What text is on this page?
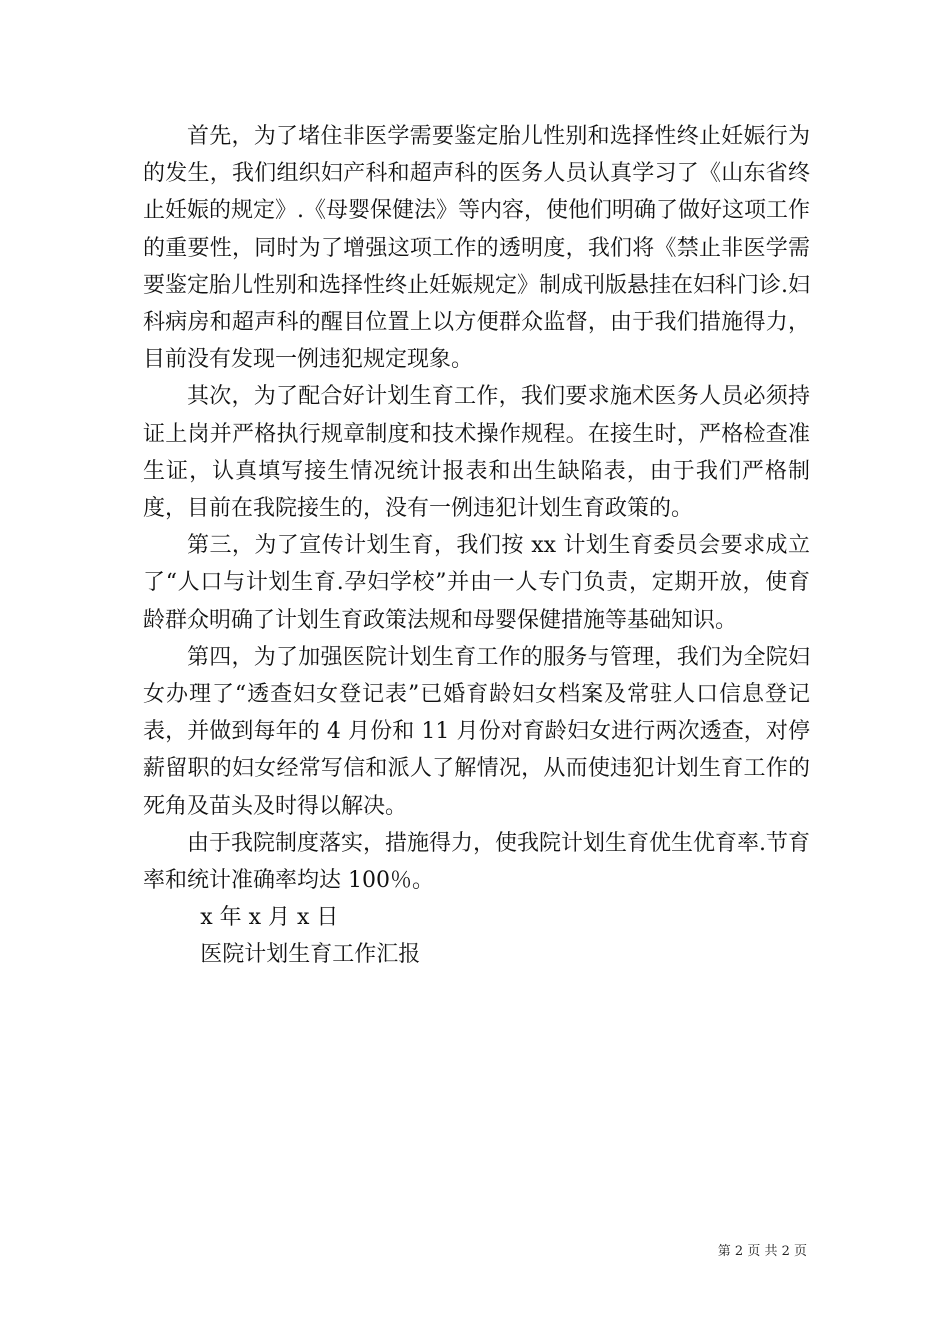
首先，为了堵住非医学需要鉴定胎儿性别和选择性终止妊娠行为的发生，我们组织妇产科和超声科的医务人员认真学习了《山东省终止妊娠的规定》.《母婴保健法》等内容，使他们明确了做好这项工作的重要性，同时为了增强这项工作的透明度，我们将《禁止非医学需要鉴定胎儿性别和选择性终止妊娠规定》制成刊版悬挂在妇科门诊.妇科病房和超声科的醒目位置上以方便群众监督，由于我们措施得力，目前没有发现一例违犯规定现象。

其次，为了配合好计划生育工作，我们要求施术医务人员必须持证上岗并严格执行规章制度和技术操作规程。在接生时，严格检查准生证，认真填写接生情况统计报表和出生缺陷表，由于我们严格制度，目前在我院接生的，没有一例违犯计划生育政策的。

第三，为了宣传计划生育，我们按 xx 计划生育委员会要求成立了“人口与计划生育.孕妇学校”并由一人专门负责，定期开放，使育龄群众明确了计划生育政策法规和母婴保健措施等基础知识。

第四，为了加强医院计划生育工作的服务与管理，我们为全院妇女办理了“透查妇女登记表”已婚育龄妇女档案及常驻人口信息登记表，并做到每年的 4 月份和 11 月份对育龄妇女进行两次透查，对停薪留职的妇女经常写信和派人了解情况，从而使违犯计划生育工作的死角及苗头及时得以解决。

由于我院制度落实，措施得力，使我院计划生育优生优育率.节育率和统计准确率均达 100％。

x 年 x 月 x 日

医院计划生育工作汇报

第 2 页 共 2 页
